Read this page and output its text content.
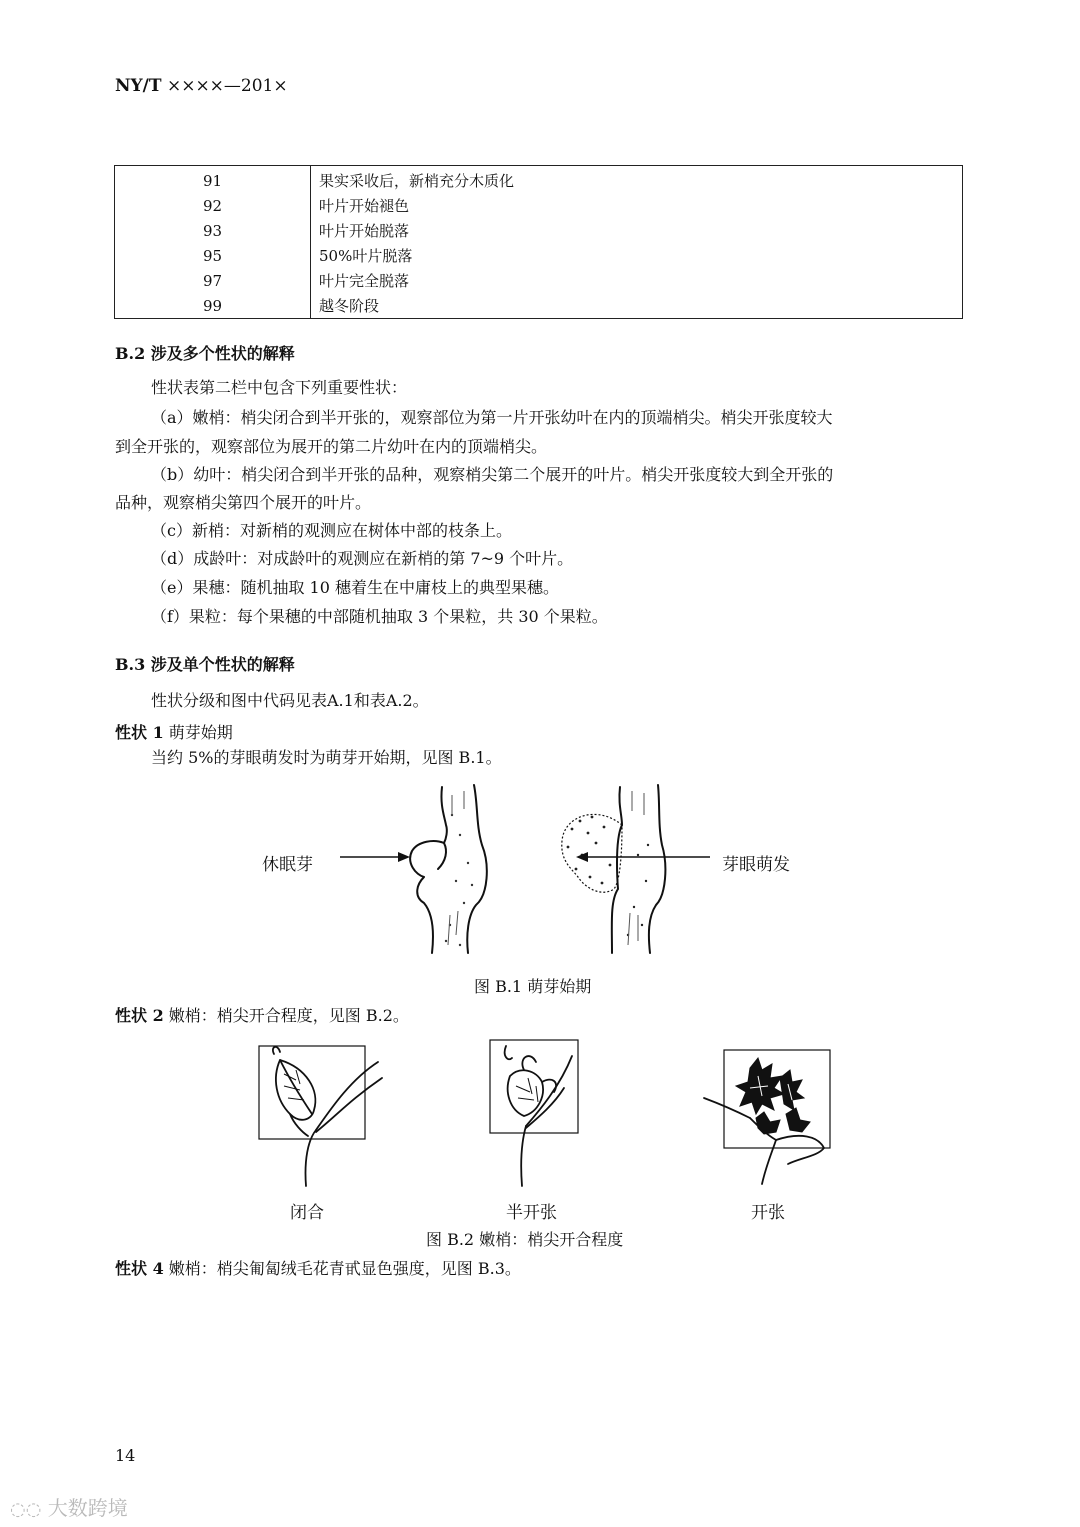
NY/T ××××—201×
91	果实采收后，新梢充分木质化
92	叶片开始褪色
93	叶片开始脱落
95	50%叶片脱落
97	叶片完全脱落
99	越冬阶段
B.2 涉及多个性状的解释
性状表第二栏中包含下列重要性状：
（a）嫩梢：梢尖闭合到半开张的，观察部位为第一片开张幼叶在内的顶端梢尖。梢尖开张度较大
到全开张的，观察部位为展开的第二片幼叶在内的顶端梢尖。
（b）幼叶：梢尖闭合到半开张的品种，观察梢尖第二个展开的叶片。梢尖开张度较大到全开张的
品种，观察梢尖第四个展开的叶片。
（c）新梢：对新梢的观测应在树体中部的枝条上。
（d）成龄叶：对成龄叶的观测应在新梢的第 7~9 个叶片。
（e）果穗：随机抽取 10 穗着生在中庸枝上的典型果穗。
（f）果粒：每个果穗的中部随机抽取 3 个果粒，共 30 个果粒。
B.3 涉及单个性状的解释
性状分级和图中代码见表A.1和表A.2。
性状 1 萌芽始期
当约 5%的芽眼萌发时为萌芽开始期，见图 B.1。
休眠芽	芽眼萌发
图 B.1 萌芽始期
性状 2 嫩梢：梢尖开合程度，见图 B.2。
闭合	半开张	开张
图 B.2 嫩梢：梢尖开合程度
性状 4 嫩梢：梢尖匍匐绒毛花青甙显色强度，见图 B.3。
14
◌◌ 大数跨境
